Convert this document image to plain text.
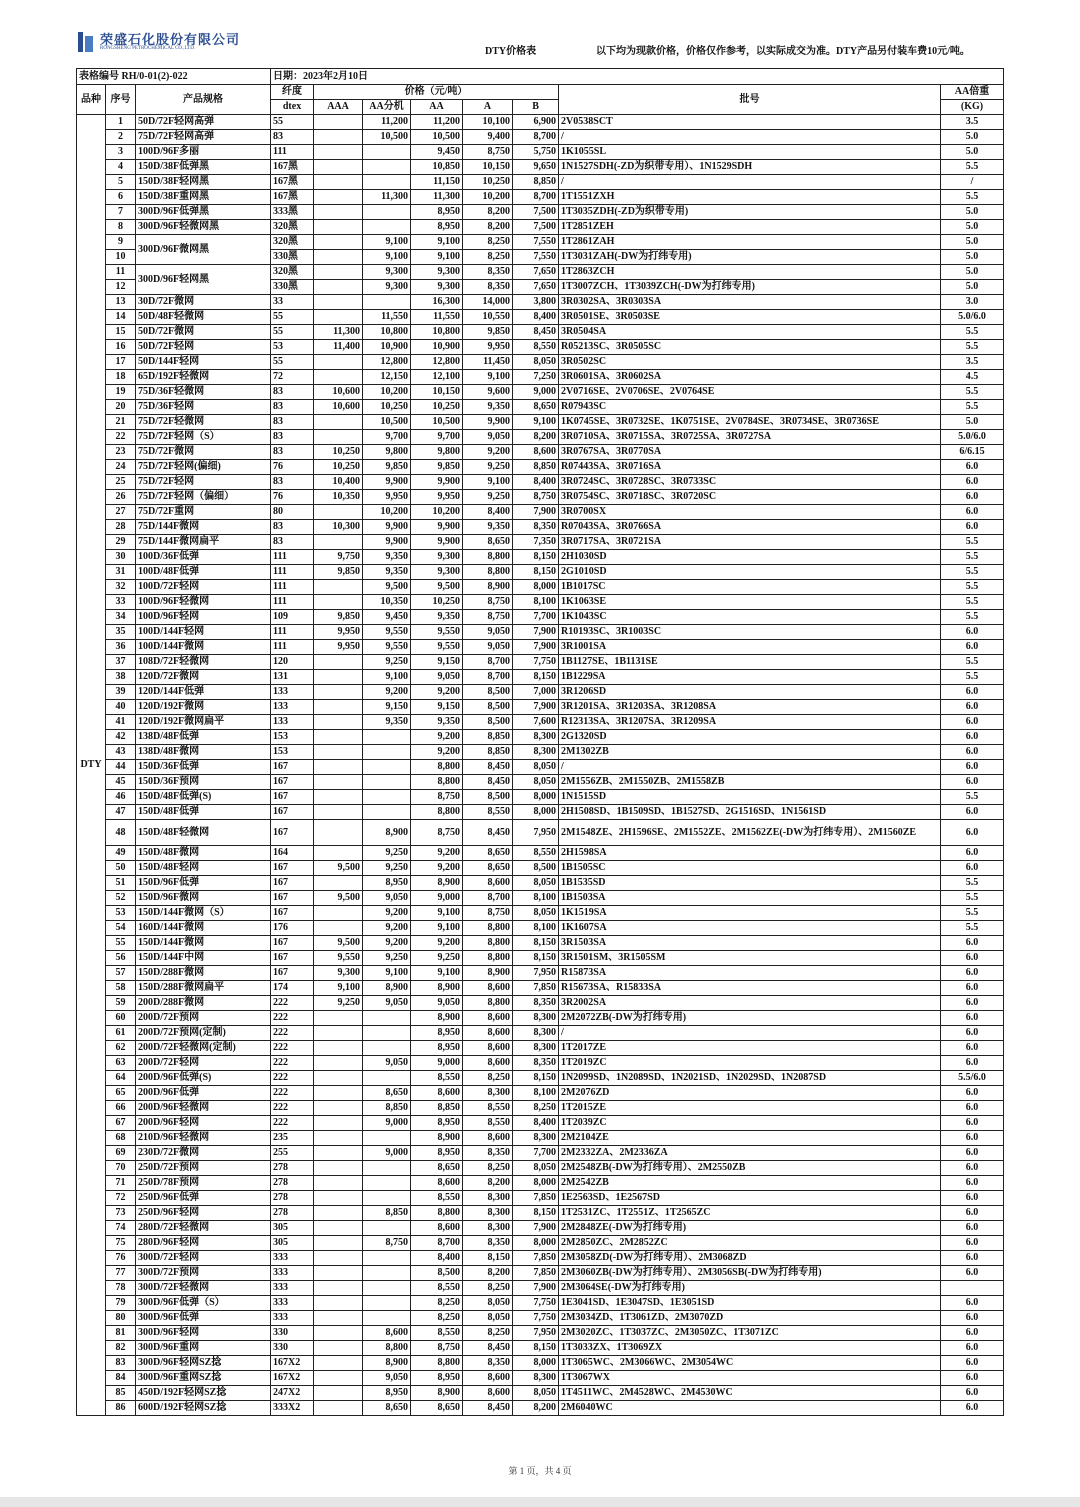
荣盛石化股份有限公司
RONGSHENG PETROCHEMICAL CO.,LTD.	DTY价格表	以下均为现款价格，价格仅作参考，以实际成交为准。DTY产品另付装车费10元/吨。
表格编号 RH/0-01(2)-022			日期：2023年2月10日							
品种	序号	产品规格	纤度	价格（元/吨）					批号	AA倍重
			dtex	AAA	AA分机	AA	A	B		(KG)
DTY	1	50D/72F轻网高弹	55		11,200	11,200	10,100	6,900	2V0538SCT	3.5
	2	75D/72F轻网高弹	83		10,500	10,500	9,400	8,700	/	5.0
	3	100D/96F多丽	111			9,450	8,750	5,750	1K1055SL	5.0
	4	150D/38F低弹黑	167黑			10,850	10,150	9,650	1N1527SDH(-ZD为织带专用）、1N1529SDH	5.5
	5	150D/38F轻网黑	167黑			11,150	10,250	8,850	/	/
	6	150D/38F重网黑	167黑		11,300	11,300	10,200	8,700	1T1551ZXH	5.5
	7	300D/96F低弹黑	333黑			8,950	8,200	7,500	1T3035ZDH(-ZD为织带专用)	5.0
	8	300D/96F轻微网黑	320黑			8,950	8,200	7,500	1T2851ZEH	5.0
	9	300D/96F微网黑	320黑		9,100	9,100	8,250	7,550	1T2861ZAH	5.0
	10		330黑		9,100	9,100	8,250	7,550	1T3031ZAH(-DW为打纬专用)	5.0
	11	300D/96F轻网黑	320黑		9,300	9,300	8,350	7,650	1T2863ZCH	5.0
	12		330黑		9,300	9,300	8,350	7,650	1T3007ZCH、1T3039ZCH(-DW为打纬专用)	5.0
	13	30D/72F微网	33			16,300	14,000	3,800	3R0302SA、3R0303SA	3.0
	14	50D/48F轻微网	55		11,550	11,550	10,550	8,400	3R0501SE、3R0503SE	5.0/6.0
	15	50D/72F微网	55	11,300	10,800	10,800	9,850	8,450	3R0504SA	5.5
	16	50D/72F轻网	53	11,400	10,900	10,900	9,950	8,550	R05213SC、3R0505SC	5.5
	17	50D/144F轻网	55		12,800	12,800	11,450	8,050	3R0502SC	3.5
	18	65D/192F轻微网	72		12,150	12,100	9,100	7,250	3R0601SA、3R0602SA	4.5
	19	75D/36F轻微网	83	10,600	10,200	10,150	9,600	9,000	2V0716SE、2V0706SE、2V0764SE	5.5
	20	75D/36F轻网	83	10,600	10,250	10,250	9,350	8,650	R07943SC	5.5
	21	75D/72F轻微网	83		10,500	10,500	9,900	9,100	1K0745SE、3R0732SE、1K0751SE、2V0784SE、3R0734SE、3R0736SE	5.0
	22	75D/72F轻网（S）	83		9,700	9,700	9,050	8,200	3R0710SA、3R0715SA、3R0725SA、3R0727SA	5.0/6.0
	23	75D/72F微网	83	10,250	9,800	9,800	9,200	8,600	3R0767SA、3R0770SA	6/6.15
	24	75D/72F轻网(偏细)	76	10,250	9,850	9,850	9,250	8,850	R07443SA、3R0716SA	6.0
	25	75D/72F轻网	83	10,400	9,900	9,900	9,100	8,400	3R0724SC、3R0728SC、3R0733SC	6.0
	26	75D/72F轻网（偏细）	76	10,350	9,950	9,950	9,250	8,750	3R0754SC、3R0718SC、3R0720SC	6.0
	27	75D/72F重网	80		10,200	10,200	8,400	7,900	3R0700SX	6.0
	28	75D/144F微网	83	10,300	9,900	9,900	9,350	8,350	R07043SA、3R0766SA	6.0
	29	75D/144F微网扁平	83		9,900	9,900	8,650	7,350	3R0717SA、3R0721SA	5.5
	30	100D/36F低弹	111	9,750	9,350	9,300	8,800	8,150	2H1030SD	5.5
	31	100D/48F低弹	111	9,850	9,350	9,300	8,800	8,150	2G1010SD	5.5
	32	100D/72F轻网	111		9,500	9,500	8,900	8,000	1B1017SC	5.5
	33	100D/96F轻微网	111		10,350	10,250	8,750	8,100	1K1063SE	5.5
	34	100D/96F轻网	109	9,850	9,450	9,350	8,750	7,700	1K1043SC	5.5
	35	100D/144F轻网	111	9,950	9,550	9,550	9,050	7,900	R10193SC、3R1003SC	6.0
	36	100D/144F微网	111	9,950	9,550	9,550	9,050	7,900	3R1001SA	6.0
	37	108D/72F轻微网	120		9,250	9,150	8,700	7,750	1B1127SE、1B1131SE	5.5
	38	120D/72F微网	131		9,100	9,050	8,700	8,150	1B1229SA	5.5
	39	120D/144F低弹	133		9,200	9,200	8,500	7,000	3R1206SD	6.0
	40	120D/192F微网	133		9,150	9,150	8,500	7,900	3R1201SA、3R1203SA、3R1208SA	6.0
	41	120D/192F微网扁平	133		9,350	9,350	8,500	7,600	R12313SA、3R1207SA、3R1209SA	6.0
	42	138D/48F低弹	153			9,200	8,850	8,300	2G1320SD	6.0
	43	138D/48F微网	153			9,200	8,850	8,300	2M1302ZB	6.0
	44	150D/36F低弹	167			8,800	8,450	8,050	/	6.0
	45	150D/36F预网	167			8,800	8,450	8,050	2M1556ZB、2M1550ZB、2M1558ZB	6.0
	46	150D/48F低弹(S)	167			8,750	8,500	8,000	1N1515SD	5.5
	47	150D/48F低弹	167			8,800	8,550	8,000	2H1508SD、1B1509SD、1B1527SD、2G1516SD、1N1561SD	6.0
	48	150D/48F轻微网	167		8,900	8,750	8,450	7,950	2M1548ZE、2H1596SE、2M1552ZE、2M1562ZE(-DW为打纬专用）、2M1560ZE	6.0
	49	150D/48F微网	164		9,250	9,200	8,650	8,550	2H1598SA	6.0
	50	150D/48F轻网	167	9,500	9,250	9,200	8,650	8,500	1B1505SC	6.0
	51	150D/96F低弹	167		8,950	8,900	8,600	8,050	1B1535SD	5.5
	52	150D/96F微网	167	9,500	9,050	9,000	8,700	8,100	1B1503SA	5.5
	53	150D/144F微网（S）	167		9,200	9,100	8,750	8,050	1K1519SA	5.5
	54	160D/144F微网	176		9,200	9,100	8,800	8,100	1K1607SA	5.5
	55	150D/144F微网	167	9,500	9,200	9,200	8,800	8,150	3R1503SA	6.0
	56	150D/144F中网	167	9,550	9,250	9,250	8,800	8,150	3R1501SM、3R1505SM	6.0
	57	150D/288F微网	167	9,300	9,100	9,100	8,900	7,950	R15873SA	6.0
	58	150D/288F微网扁平	174	9,100	8,900	8,900	8,600	7,850	R15673SA、R15833SA	6.0
	59	200D/288F微网	222	9,250	9,050	9,050	8,800	8,350	3R2002SA	6.0
	60	200D/72F预网	222			8,900	8,600	8,300	2M2072ZB(-DW为打纬专用)	6.0
	61	200D/72F预网(定制)	222			8,950	8,600	8,300	/	6.0
	62	200D/72F轻微网(定制)	222			8,950	8,600	8,300	1T2017ZE	6.0
	63	200D/72F轻网	222		9,050	9,000	8,600	8,350	1T2019ZC	6.0
	64	200D/96F低弹(S)	222			8,550	8,250	8,150	1N2099SD、1N2089SD、1N2021SD、1N2029SD、1N2087SD	5.5/6.0
	65	200D/96F低弹	222		8,650	8,600	8,300	8,100	2M2076ZD	6.0
	66	200D/96F轻微网	222		8,850	8,850	8,550	8,250	1T2015ZE	6.0
	67	200D/96F轻网	222		9,000	8,950	8,550	8,400	1T2039ZC	6.0
	68	210D/96F轻微网	235			8,900	8,600	8,300	2M2104ZE	6.0
	69	230D/72F微网	255		9,000	8,950	8,350	7,700	2M2332ZA、2M2336ZA	6.0
	70	250D/72F预网	278			8,650	8,250	8,050	2M2548ZB(-DW为打纬专用）、2M2550ZB	6.0
	71	250D/78F预网	278			8,600	8,200	8,000	2M2542ZB	6.0
	72	250D/96F低弹	278			8,550	8,300	7,850	1E2563SD、1E2567SD	6.0
	73	250D/96F轻网	278		8,850	8,800	8,300	8,150	1T2531ZC、1T2551Z、1T2565ZC	6.0
	74	280D/72F轻微网	305			8,600	8,300	7,900	2M2848ZE(-DW为打纬专用)	6.0
	75	280D/96F轻网	305		8,750	8,700	8,350	8,000	2M2850ZC、2M2852ZC	6.0
	76	300D/72F轻网	333			8,400	8,150	7,850	2M3058ZD(-DW为打纬专用）、2M3068ZD	6.0
	77	300D/72F预网	333			8,500	8,200	7,850	2M3060ZB(-DW为打纬专用）、2M3056SB(-DW为打纬专用)	6.0
	78	300D/72F轻微网	333			8,550	8,250	7,900	2M3064SE(-DW为打纬专用)	
	79	300D/96F低弹（S）	333			8,250	8,050	7,750	1E3041SD、1E3047SD、1E3051SD	6.0
	80	300D/96F低弹	333			8,250	8,050	7,750	2M3034ZD、1T3061ZD、2M3070ZD	6.0
	81	300D/96F轻网	330		8,600	8,550	8,250	7,950	2M3020ZC、1T3037ZC、2M3050ZC、1T3071ZC	6.0
	82	300D/96F重网	330		8,800	8,750	8,450	8,150	1T3033ZX、1T3069ZX	6.0
	83	300D/96F轻网SZ捻	167X2		8,900	8,800	8,350	8,000	1T3065WC、2M3066WC、2M3054WC	6.0
	84	300D/96F重网SZ捻	167X2		9,050	8,950	8,600	8,300	1T3067WX	6.0
	85	450D/192F轻网SZ捻	247X2		8,950	8,900	8,600	8,050	1T4511WC、2M4528WC、2M4530WC	6.0
	86	600D/192F轻网SZ捻	333X2		8,650	8,650	8,450	8,200	2M6040WC	6.0
第 1 页，共 4 页
